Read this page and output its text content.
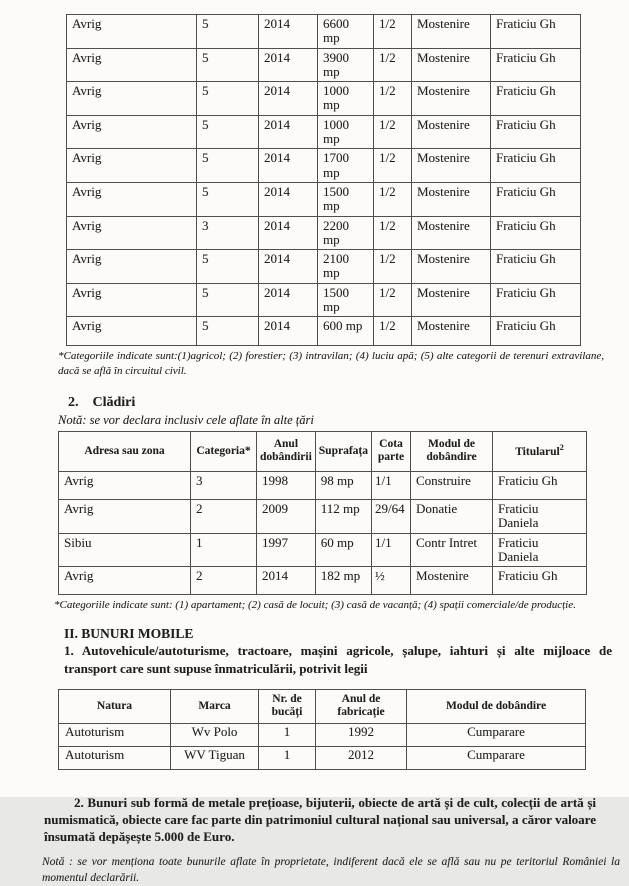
Avrig	5	2014	6600 mp	1/2	Mostenire	Fraticiu Gh
Avrig	5	2014	3900 mp	1/2	Mostenire	Fraticiu Gh
Avrig	5	2014	1000 mp	1/2	Mostenire	Fraticiu Gh
Avrig	5	2014	1000 mp	1/2	Mostenire	Fraticiu Gh
Avrig	5	2014	1700 mp	1/2	Mostenire	Fraticiu Gh
Avrig	5	2014	1500 mp	1/2	Mostenire	Fraticiu Gh
Avrig	3	2014	2200 mp	1/2	Mostenire	Fraticiu Gh
Avrig	5	2014	2100 mp	1/2	Mostenire	Fraticiu Gh
Avrig	5	2014	1500 mp	1/2	Mostenire	Fraticiu Gh
Avrig	5	2014	600 mp	1/2	Mostenire	Fraticiu Gh

*Categoriile indicate sunt:(1)agricol; (2) forestier; (3) intravilan; (4) luciu apă; (5) alte categorii de terenuri extravilane, dacă se află în circuitul civil.

2. Clădiri
Notă: se vor declara inclusiv cele aflate în alte țări
Adresa sau zona	Categoria*	Anul dobândirii	Suprafața	Cota parte	Modul de dobândire	Titularul$^2$
Avrig	3	1998	98 mp	1/1	Construire	Fraticiu Gh
Avrig	2	2009	112 mp	29/64	Donatie	Fraticiu Daniela
Sibiu	1	1997	60 mp	1/1	Contr Intret	Fraticiu Daniela
Avrig	2	2014	182 mp	½	Mostenire	Fraticiu Gh

*Categoriile indicate sunt: (1) apartament; (2) casă de locuit; (3) casă de vacanță; (4) spații comerciale/de producție.

II. BUNURI MOBILE

1. Autovehicule/autoturisme, tractoare, mașini agricole, șalupe, iahturi și alte mijloace de transport care sunt supuse înmatriculării, potrivit legii

Natura	Marca	Nr. de bucăți	Anul de fabricație	Modul de dobândire
Autoturism	Wv Polo	1	1992	Cumparare
Autoturism	WV Tiguan	1	2012	Cumparare

2. Bunuri sub formă de metale prețioase, bijuterii, obiecte de artă și de cult, colecții de artă și numismatică, obiecte care fac parte din patrimoniul cultural național sau universal, a căror valoare însumată depășește 5.000 de Euro.

Notă : se vor menționa toate bunurile aflate în proprietate, indiferent dacă ele se află sau nu pe teritoriul României la momentul declarării.
